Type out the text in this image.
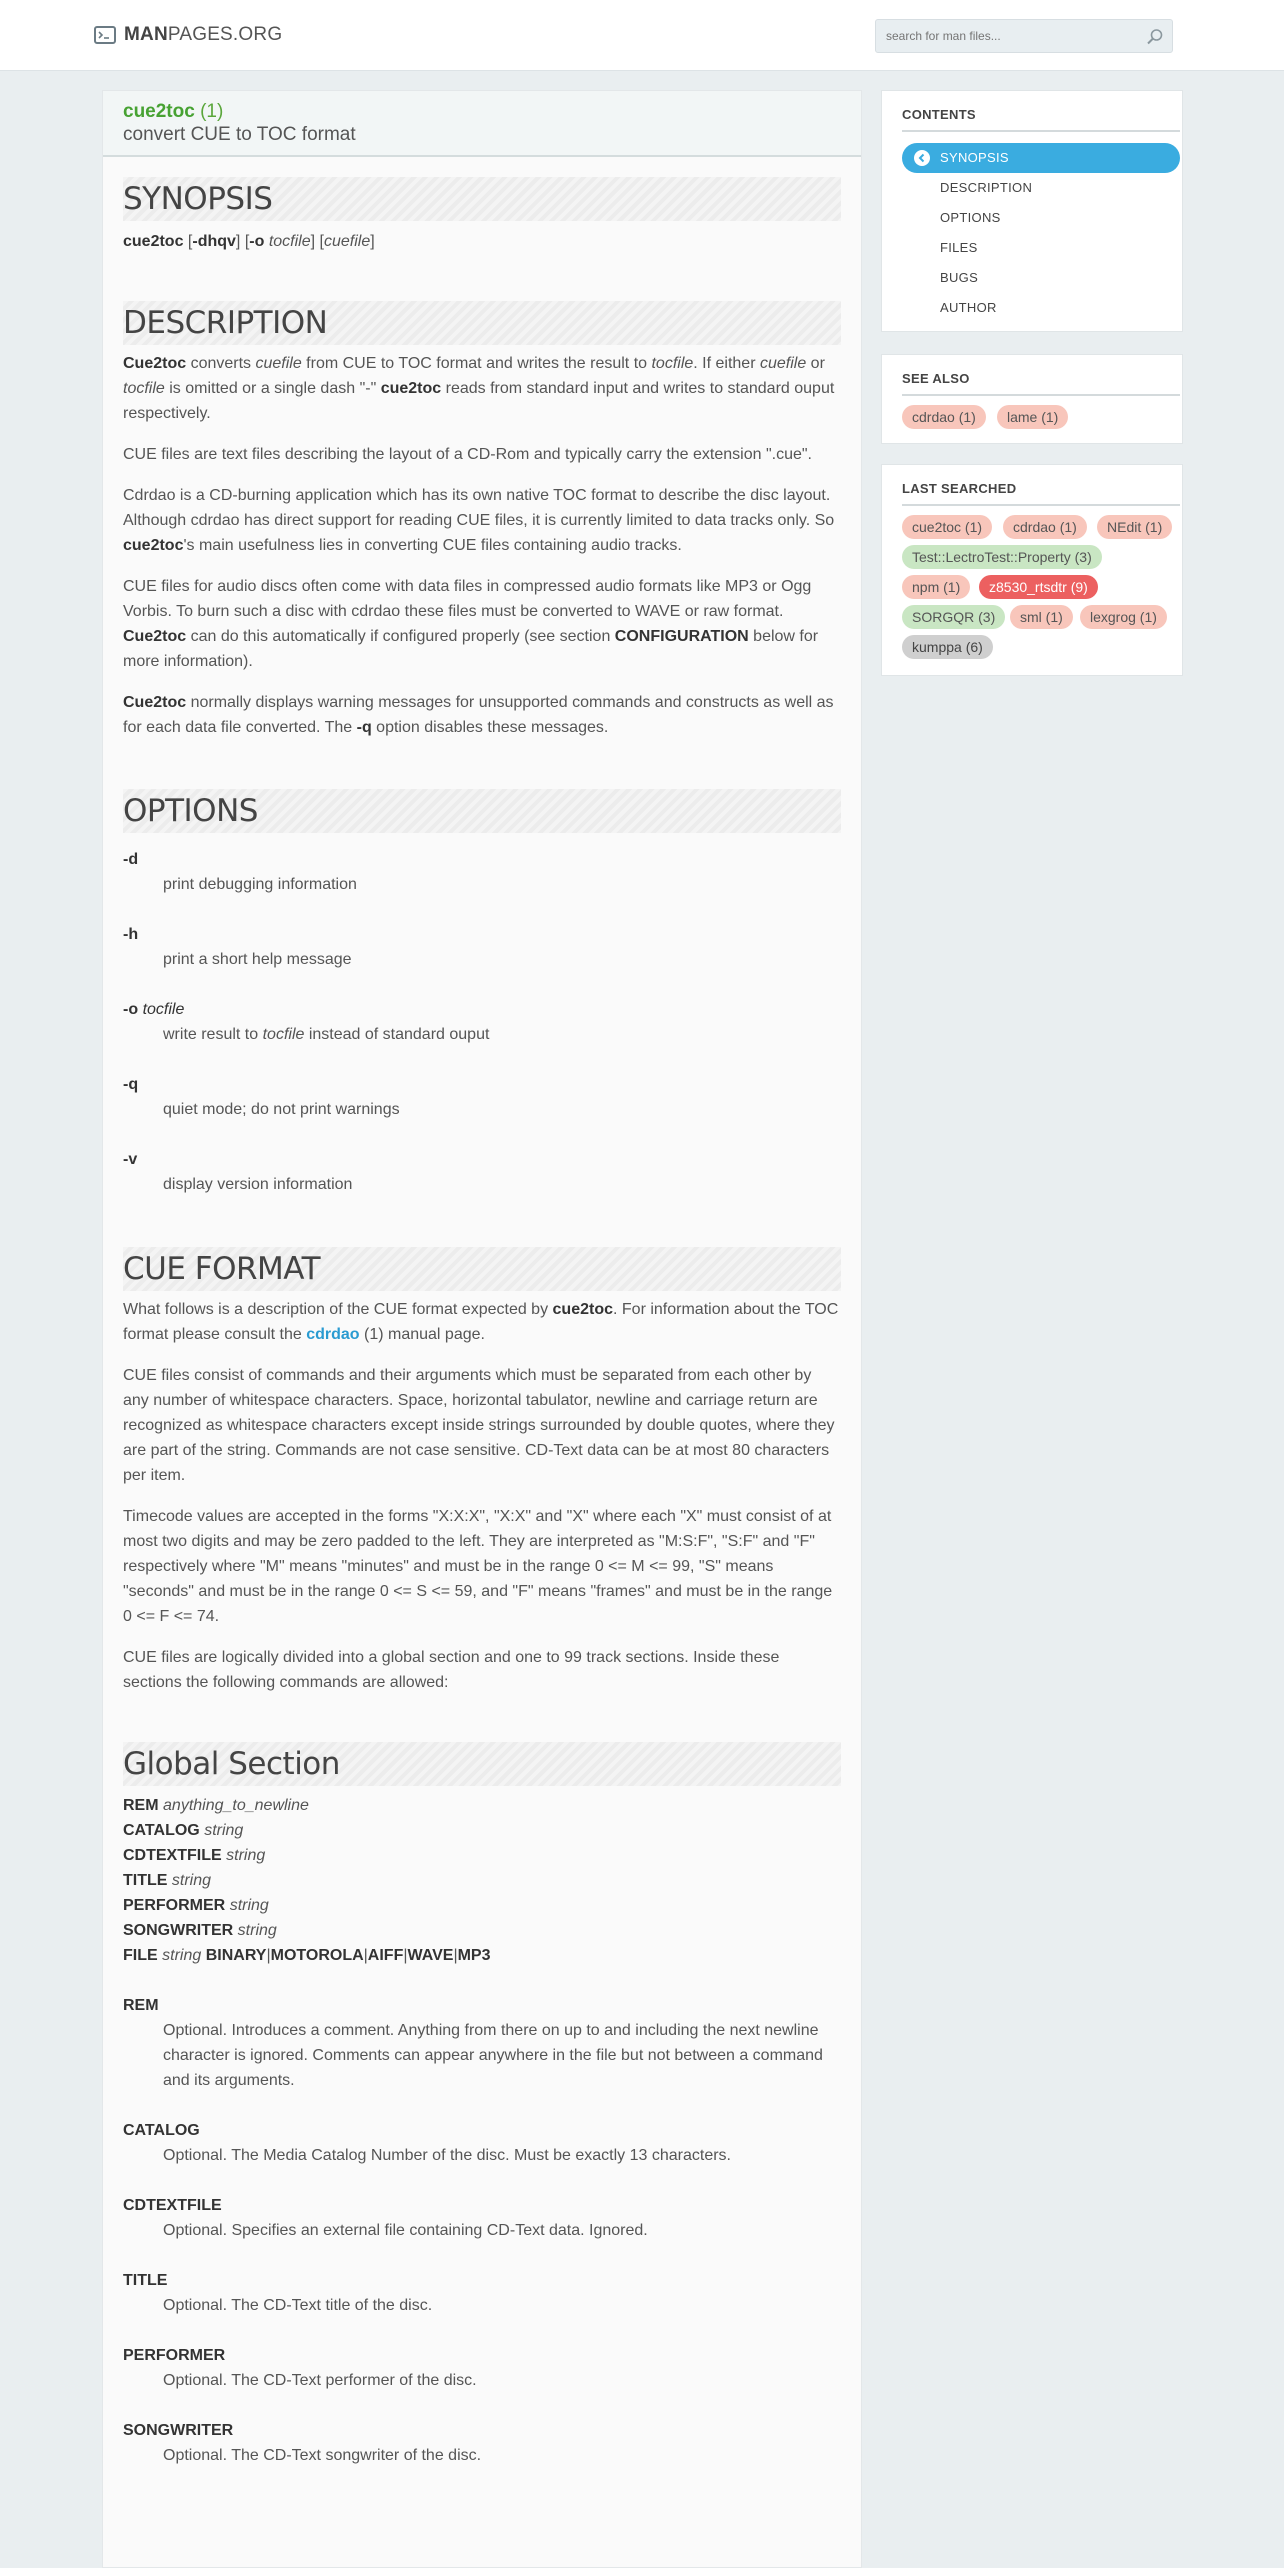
MANPAGES.ORG
search for man files...
cue2toc (1)
convert CUE to TOC format
SYNOPSIS

cue2toc [-dhqv] [-o tocfile] [cuefile]

DESCRIPTION

Cue2toc converts cuefile from CUE to TOC format and writes the result to tocfile. If either cuefile or tocfile is omitted or a single dash "-" cue2toc reads from standard input and writes to standard ouput respectively.

CUE files are text files describing the layout of a CD-Rom and typically carry the extension ".cue".

Cdrdao is a CD-burning application which has its own native TOC format to describe the disc layout. Although cdrdao has direct support for reading CUE files, it is currently limited to data tracks only. So cue2toc's main usefulness lies in converting CUE files containing audio tracks.

CUE files for audio discs often come with data files in compressed audio formats like MP3 or Ogg Vorbis. To burn such a disc with cdrdao these files must be converted to WAVE or raw format. Cue2toc can do this automatically if configured properly (see section CONFIGURATION below for more information).

Cue2toc normally displays warning messages for unsupported commands and constructs as well as for each data file converted. The -q option disables these messages.

OPTIONS
-d
print debugging information
-h
print a short help message
-o tocfile
write result to tocfile instead of standard ouput
-q
quiet mode; do not print warnings
-v
display version information
CUE FORMAT

What follows is a description of the CUE format expected by cue2toc. For information about the TOC format please consult the cdrdao (1) manual page.

CUE files consist of commands and their arguments which must be separated from each other by any number of whitespace characters. Space, horizontal tabulator, newline and carriage return are recognized as whitespace characters except inside strings surrounded by double quotes, where they are part of the string. Commands are not case sensitive. CD-Text data can be at most 80 characters per item.

Timecode values are accepted in the forms "X:X:X", "X:X" and "X" where each "X" must consist of at most two digits and may be zero padded to the left. They are interpreted as "M:S:F", "S:F" and "F" respectively where "M" means "minutes" and must be in the range 0 <= M <= 99, "S" means "seconds" and must be in the range 0 <= S <= 59, and "F" means "frames" and must be in the range 0 <= F <= 74.

CUE files are logically divided into a global section and one to 99 track sections. Inside these sections the following commands are allowed:

Global Section

REM anything_to_newline

CATALOG string

CDTEXTFILE string

TITLE string

PERFORMER string

SONGWRITER string

FILE string BINARY|MOTOROLA|AIFF|WAVE|MP3

REM
Optional. Introduces a comment. Anything from there on up to and including the next newline character is ignored. Comments can appear anywhere in the file but not between a command and its arguments.
CATALOG
Optional. The Media Catalog Number of the disc. Must be exactly 13 characters.
CDTEXTFILE
Optional. Specifies an external file containing CD-Text data. Ignored.
TITLE
Optional. The CD-Text title of the disc.
PERFORMER
Optional. The CD-Text performer of the disc.
SONGWRITER
Optional. The CD-Text songwriter of the disc.
CONTENTS
SYNOPSIS
DESCRIPTION
OPTIONS
FILES
BUGS
AUTHOR
SEE ALSO
cdrdao (1)	lame (1)
LAST SEARCHED
cue2toc (1)	cdrdao (1)	NEdit (1)
Test::LectroTest::Property (3)
npm (1)	z8530_rtsdtr (9)
SORGQR (3)	sml (1)	lexgrog (1)
kumppa (6)
